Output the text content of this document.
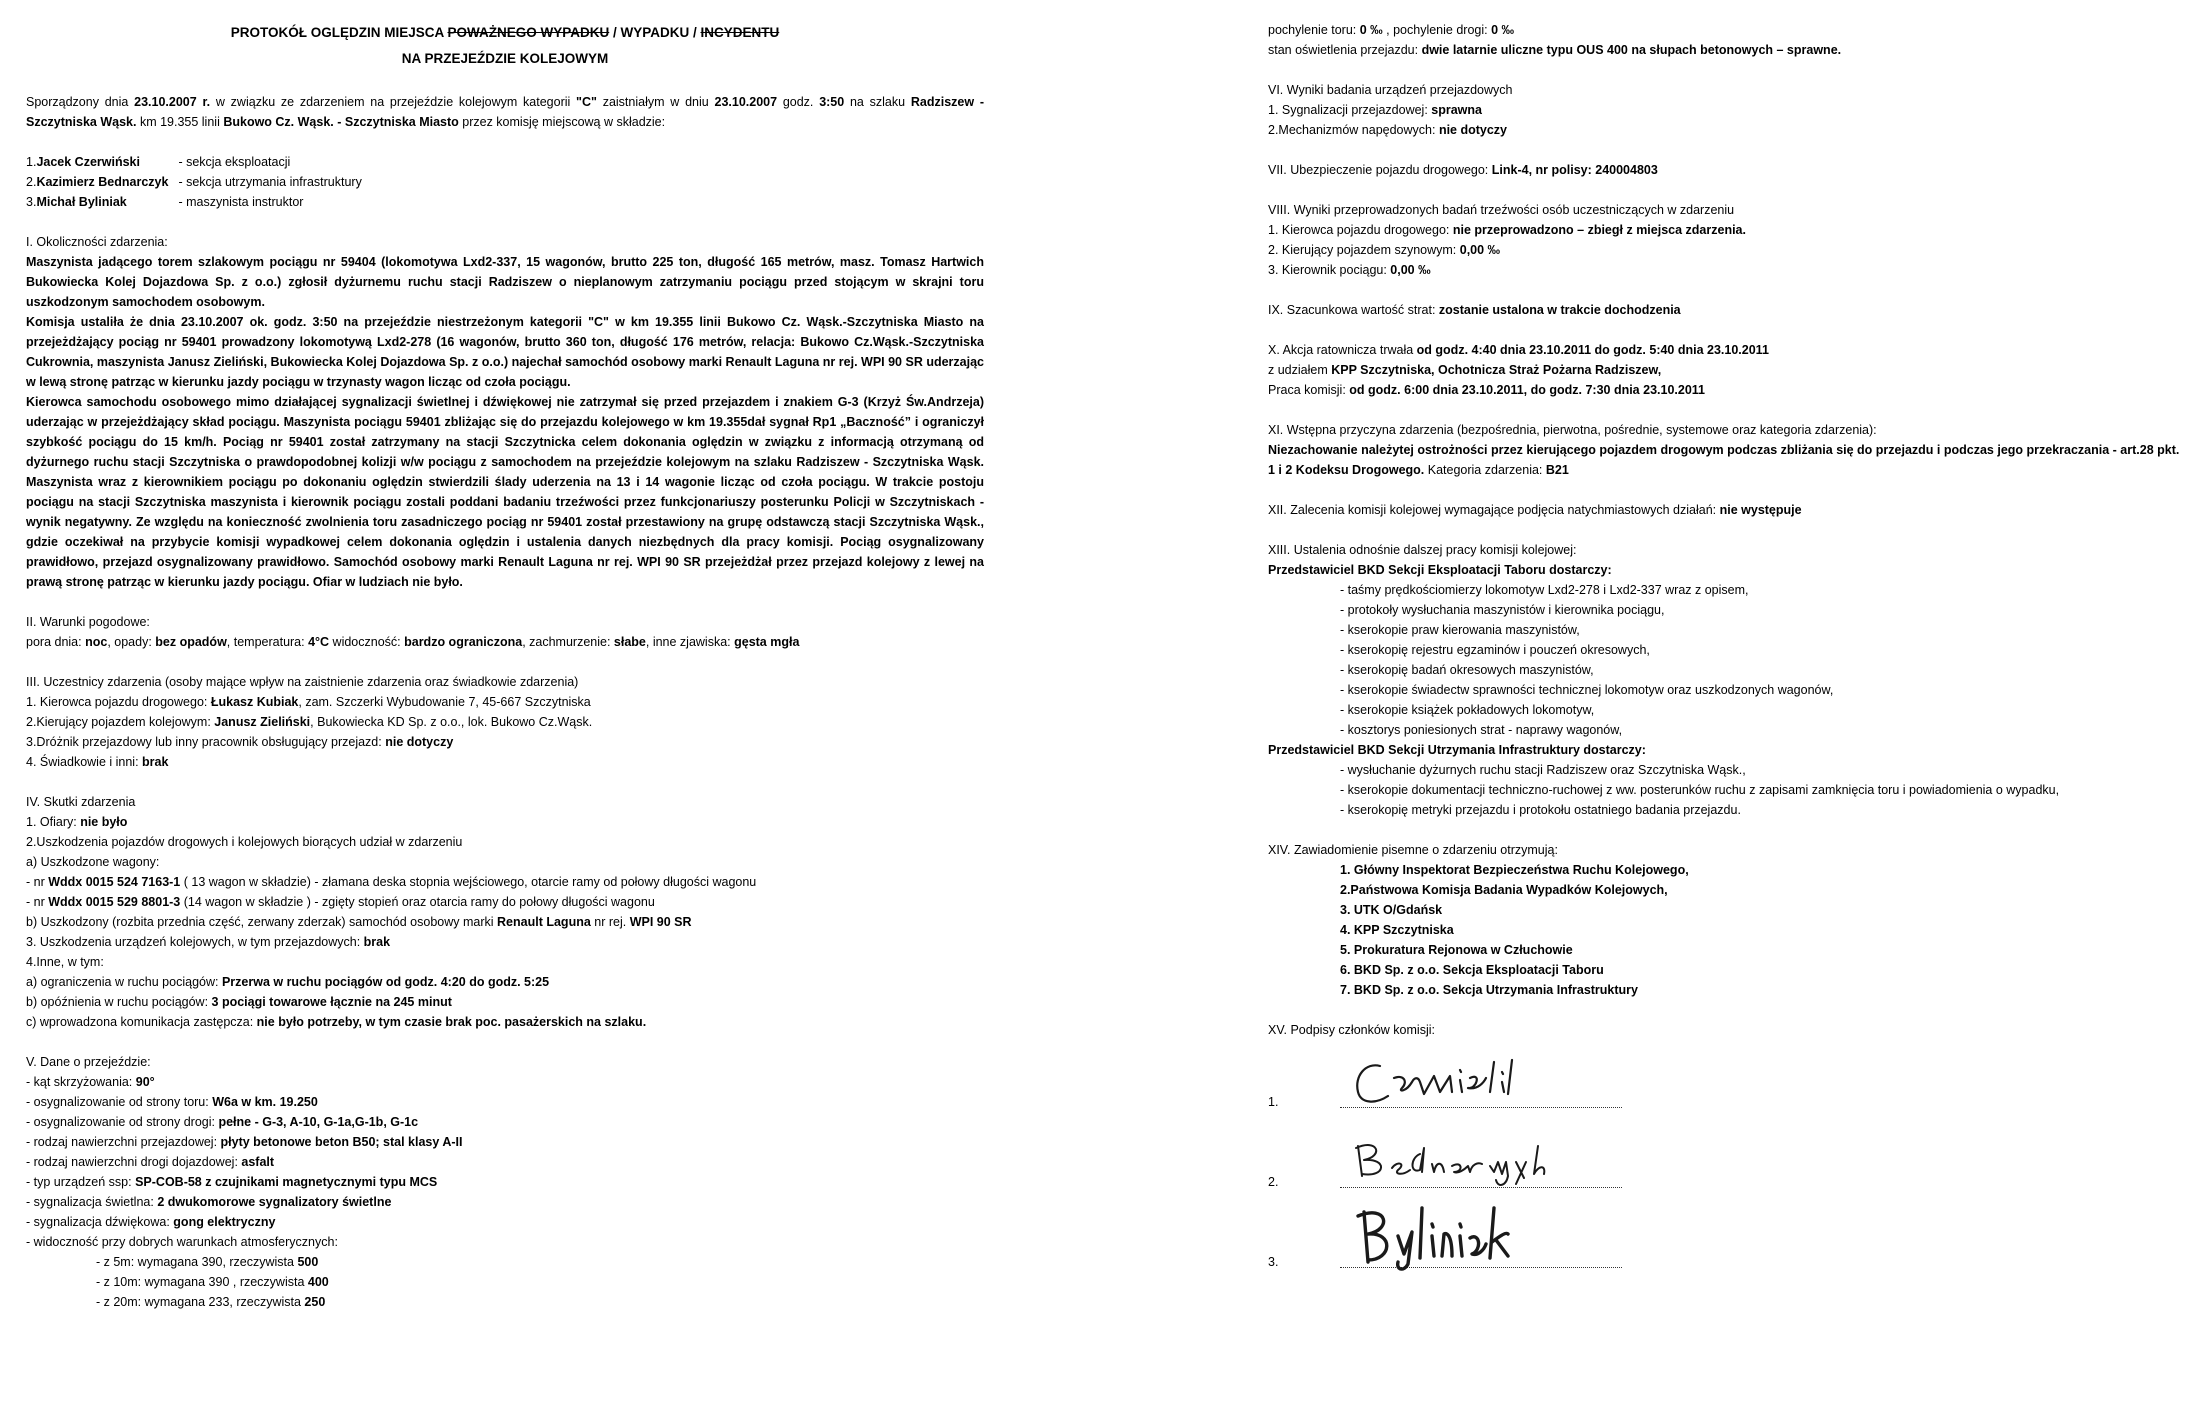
PROTOKÓŁ OGLĘDZIN MIEJSCA POWAŻNEGO WYPADKU / WYPADKU / INCYDENTU
NA PRZEJEŹDZIE KOLEJOWYM

Sporządzony dnia 23.10.2007 r. w związku ze zdarzeniem na przejeździe kolejowym kategorii "C" zaistniałym w dniu 23.10.2007 godz. 3:50 na szlaku Radziszew - Szczytniska Wąsk. km 19.355 linii Bukowo Cz. Wąsk. - Szczytniska Miasto przez komisję miejscową w składzie:

1. Jacek Czerwiński	- sekcja eksploatacji
2. Kazimierz Bednarczyk - sekcja utrzymania infrastruktury
3. Michał Byliniak	- maszynista instruktor

I. Okoliczności zdarzenia:

Maszynista jadącego torem szlakowym pociągu nr 59404 (lokomotywa Lxd2-337, 15 wagonów, brutto 225 ton, długość 165 metrów, masz. Tomasz Hartwich Bukowiecka Kolej Dojazdowa Sp. z o.o.) zgłosił dyżurnemu ruchu stacji Radziszew o nieplanowym zatrzymaniu pociągu przed stojącym w skrajni toru uszkodzonym samochodem osobowym.

Komisja ustaliła że dnia 23.10.2007 ok. godz. 3:50 na przejeździe niestrzeżonym kategorii "C" w km 19.355 linii Bukowo Cz. Wąsk.-Szczytniska Miasto na przejeżdżający pociąg nr 59401 prowadzony lokomotywą Lxd2-278 (16 wagonów, brutto 360 ton, długość 176 metrów, relacja: Bukowo Cz.Wąsk.-Szczytniska Cukrownia, maszynista Janusz Zieliński, Bukowiecka Kolej Dojazdowa Sp. z o.o.) najechał samochód osobowy marki Renault Laguna nr rej. WPI 90 SR uderzając w lewą stronę patrząc w kierunku jazdy pociągu w trzynasty wagon licząc od czoła pociągu.

Kierowca samochodu osobowego mimo działającej sygnalizacji świetlnej i dźwiękowej nie zatrzymał się przed przejazdem i znakiem G-3 (Krzyż Św.Andrzeja) uderzając w przejeżdżający skład pociągu. Maszynista pociągu 59401 zbliżając się do przejazdu kolejowego w km 19.355dał sygnał Rp1 „Baczność” i ograniczył szybkość pociągu do 15 km/h. Pociąg nr 59401 został zatrzymany na stacji Szczytnicka celem dokonania oględzin w związku z informacją otrzymaną od dyżurnego ruchu stacji Szczytniska o prawdopodobnej kolizji w/w pociągu z samochodem na przejeździe kolejowym na szlaku Radziszew - Szczytniska Wąsk. Maszynista wraz z kierownikiem pociągu po dokonaniu oględzin stwierdzili ślady uderzenia na 13 i 14 wagonie licząc od czoła pociągu. W trakcie postoju pociągu na stacji Szczytniska maszynista i kierownik pociągu zostali poddani badaniu trzeźwości przez funkcjonariuszy posterunku Policji w Szczytniskach - wynik negatywny. Ze względu na konieczność zwolnienia toru zasadniczego pociąg nr 59401 został przestawiony na grupę odstawczą stacji Szczytniska Wąsk., gdzie oczekiwał na przybycie komisji wypadkowej celem dokonania oględzin i ustalenia danych niezbędnych dla pracy komisji. Pociąg osygnalizowany prawidłowo, przejazd osygnalizowany prawidłowo. Samochód osobowy marki Renault Laguna nr rej. WPI 90 SR przejeżdżał przez przejazd kolejowy z lewej na prawą stronę patrząc w kierunku jazdy pociągu. Ofiar w ludziach nie było.

II. Warunki pogodowe:

pora dnia: noc, opady: bez opadów, temperatura: 4°C widoczność: bardzo ograniczona, zachmurzenie: słabe, inne zjawiska: gęsta mgła

III. Uczestnicy zdarzenia (osoby mające wpływ na zaistnienie zdarzenia oraz świadkowie zdarzenia)

1. Kierowca pojazdu drogowego: Łukasz Kubiak, zam. Szczerki Wybudowanie 7, 45-667 Szczytniska

2.Kierujący pojazdem kolejowym: Janusz Zieliński, Bukowiecka KD Sp. z o.o., lok. Bukowo Cz.Wąsk.

3.Dróżnik przejazdowy lub inny pracownik obsługujący przejazd: nie dotyczy

4. Świadkowie i inni: brak

IV. Skutki zdarzenia

1. Ofiary: nie było

2.Uszkodzenia pojazdów drogowych i kolejowych biorących udział w zdarzeniu

a) Uszkodzone wagony:

- nr Wddx 0015 524 7163-1 ( 13 wagon w składzie) - złamana deska stopnia wejściowego, otarcie ramy od połowy długości wagonu

- nr Wddx 0015 529 8801-3 (14 wagon w składzie ) - zgięty stopień oraz otarcia ramy do połowy długości wagonu

b) Uszkodzony (rozbita przednia część, zerwany zderzak) samochód osobowy marki Renault Laguna nr rej. WPI 90 SR

3. Uszkodzenia urządzeń kolejowych, w tym przejazdowych: brak

4.Inne, w tym:

a) ograniczenia w ruchu pociągów: Przerwa w ruchu pociągów od godz. 4:20 do godz. 5:25

b) opóźnienia w ruchu pociągów: 3 pociągi towarowe łącznie na 245 minut

c) wprowadzona komunikacja zastępcza: nie było potrzeby, w tym czasie brak poc. pasażerskich na szlaku.

V. Dane o przejeździe:

- kąt skrzyżowania: 90°

- osygnalizowanie od strony toru: W6a w km. 19.250

- osygnalizowanie od strony drogi: pełne - G-3, A-10, G-1a,G-1b, G-1c

- rodzaj nawierzchni przejazdowej: płyty betonowe beton B50; stal klasy A-II

- rodzaj nawierzchni drogi dojazdowej: asfalt

- typ urządzeń ssp: SP-COB-58 z czujnikami magnetycznymi typu MCS

- sygnalizacja świetlna: 2 dwukomorowe sygnalizatory świetlne

- sygnalizacja dźwiękowa: gong elektryczny

- widoczność przy dobrych warunkach atmosferycznych:

- z 5m: wymagana 390, rzeczywista 500

- z 10m: wymagana 390 , rzeczywista 400

- z 20m: wymagana 233, rzeczywista 250

pochylenie toru: 0 ‰ , pochylenie drogi: 0 ‰

stan oświetlenia przejazdu: dwie latarnie uliczne typu OUS 400 na słupach betonowych – sprawne.

VI. Wyniki badania urządzeń przejazdowych

1. Sygnalizacji przejazdowej: sprawna

2.Mechanizmów napędowych: nie dotyczy

VII. Ubezpieczenie pojazdu drogowego: Link-4, nr polisy: 240004803

VIII. Wyniki przeprowadzonych badań trzeźwości osób uczestniczących w zdarzeniu

1. Kierowca pojazdu drogowego: nie przeprowadzono – zbiegł z miejsca zdarzenia.

2. Kierujący pojazdem szynowym: 0,00 ‰

3. Kierownik pociągu: 0,00 ‰

IX. Szacunkowa wartość strat: zostanie ustalona w trakcie dochodzenia

X. Akcja ratownicza trwała od godz. 4:40 dnia 23.10.2011 do godz. 5:40 dnia 23.10.2011

z udziałem KPP Szczytniska, Ochotnicza Straż Pożarna Radziszew,

Praca komisji: od godz. 6:00 dnia 23.10.2011, do godz. 7:30 dnia 23.10.2011

XI. Wstępna przyczyna zdarzenia (bezpośrednia, pierwotna, pośrednie, systemowe oraz kategoria zdarzenia):

Niezachowanie należytej ostrożności przez kierującego pojazdem drogowym podczas zbliżania się do przejazdu i podczas jego przekraczania - art.28 pkt. 1 i 2 Kodeksu Drogowego. Kategoria zdarzenia: B21

XII. Zalecenia komisji kolejowej wymagające podjęcia natychmiastowych działań: nie występuje

XIII. Ustalenia odnośnie dalszej pracy komisji kolejowej:

Przedstawiciel BKD Sekcji Eksploatacji Taboru dostarczy:

- taśmy prędkościomierzy lokomotyw Lxd2-278 i Lxd2-337 wraz z opisem,

- protokoły wysłuchania maszynistów i kierownika pociągu,

- kserokopie praw kierowania maszynistów,

- kserokopię rejestru egzaminów i pouczeń okresowych,

- kserokopię badań okresowych maszynistów,

- kserokopie świadectw sprawności technicznej lokomotyw oraz uszkodzonych wagonów,

- kserokopie książek pokładowych lokomotyw,

- kosztorys poniesionych strat - naprawy wagonów,

Przedstawiciel BKD Sekcji Utrzymania Infrastruktury dostarczy:

- wysłuchanie dyżurnych ruchu stacji Radziszew oraz Szczytniska Wąsk.,

- kserokopie dokumentacji techniczno-ruchowej z ww. posterunków ruchu z zapisami zamknięcia toru i powiadomienia o wypadku,

- kserokopię metryki przejazdu i protokołu ostatniego badania przejazdu.

XIV. Zawiadomienie pisemne o zdarzeniu otrzymują:

1. Główny Inspektorat Bezpieczeństwa Ruchu Kolejowego,

2.Państwowa Komisja Badania Wypadków Kolejowych,

3. UTK O/Gdańsk

4. KPP Szczytniska

5. Prokuratura Rejonowa w Człuchowie

6. BKD Sp. z o.o. Sekcja Eksploatacji Taboru

7. BKD Sp. z o.o. Sekcja Utrzymania Infrastruktury

XV. Podpisy członków komisji:

1.
2.
3.
